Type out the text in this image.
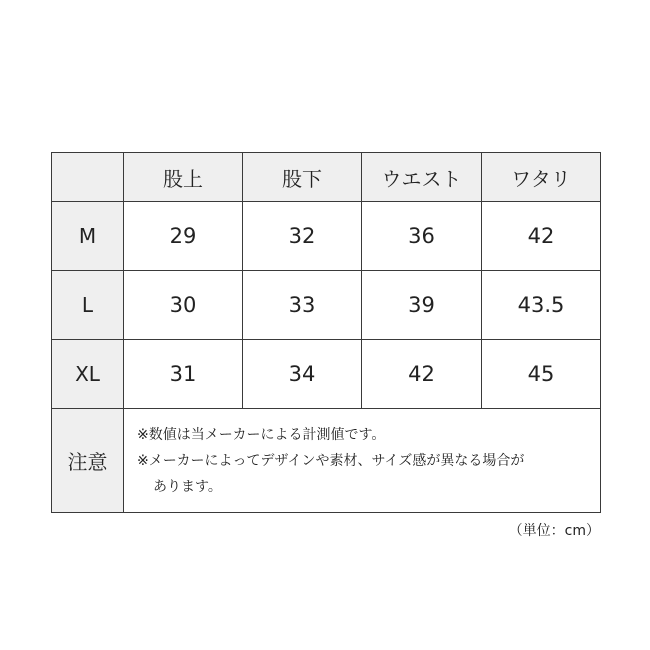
	股上	股下	ウエスト	ワタリ
M	29	32	36	42
L	30	33	39	43.5
XL	31	34	42	45
注意	※数値は当メーカーによる計測値です。
※メーカーによってデザインや素材、サイズ感が異なる場合が
あります。			
（単位：cm）
